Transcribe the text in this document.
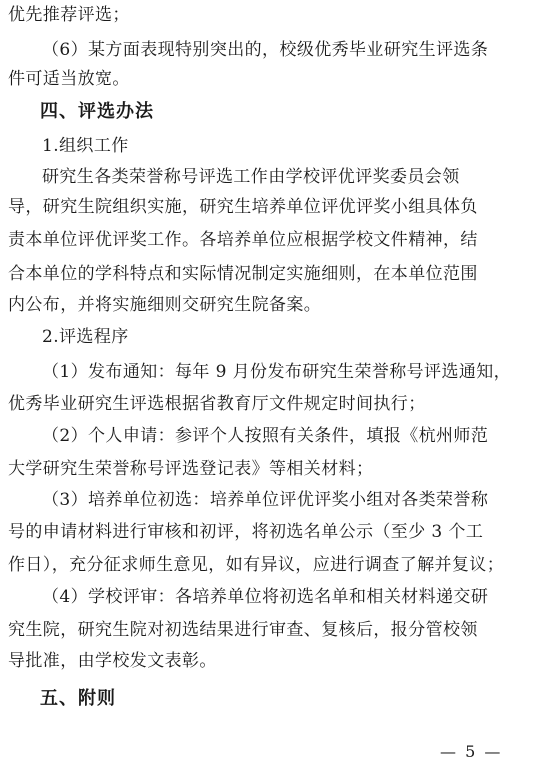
优先推荐评选；
（6）某方面表现特别突出的，校级优秀毕业研究生评选条
件可适当放宽。
四、评选办法
1.组织工作
研究生各类荣誉称号评选工作由学校评优评奖委员会领
导，研究生院组织实施，研究生培养单位评优评奖小组具体负
责本单位评优评奖工作。各培养单位应根据学校文件精神，结
合本单位的学科特点和实际情况制定实施细则，在本单位范围
内公布，并将实施细则交研究生院备案。
2.评选程序
（1）发布通知：每年 9 月份发布研究生荣誉称号评选通知，
优秀毕业研究生评选根据省教育厅文件规定时间执行；
（2）个人申请：参评个人按照有关条件，填报《杭州师范
大学研究生荣誉称号评选登记表》等相关材料；
（3）培养单位初选：培养单位评优评奖小组对各类荣誉称
号的申请材料进行审核和初评，将初选名单公示（至少 3 个工
作日），充分征求师生意见，如有异议，应进行调查了解并复议；
（4）学校评审：各培养单位将初选名单和相关材料递交研
究生院，研究生院对初选结果进行审查、复核后，报分管校领
导批准，由学校发文表彰。
五、附则
— 5 —
